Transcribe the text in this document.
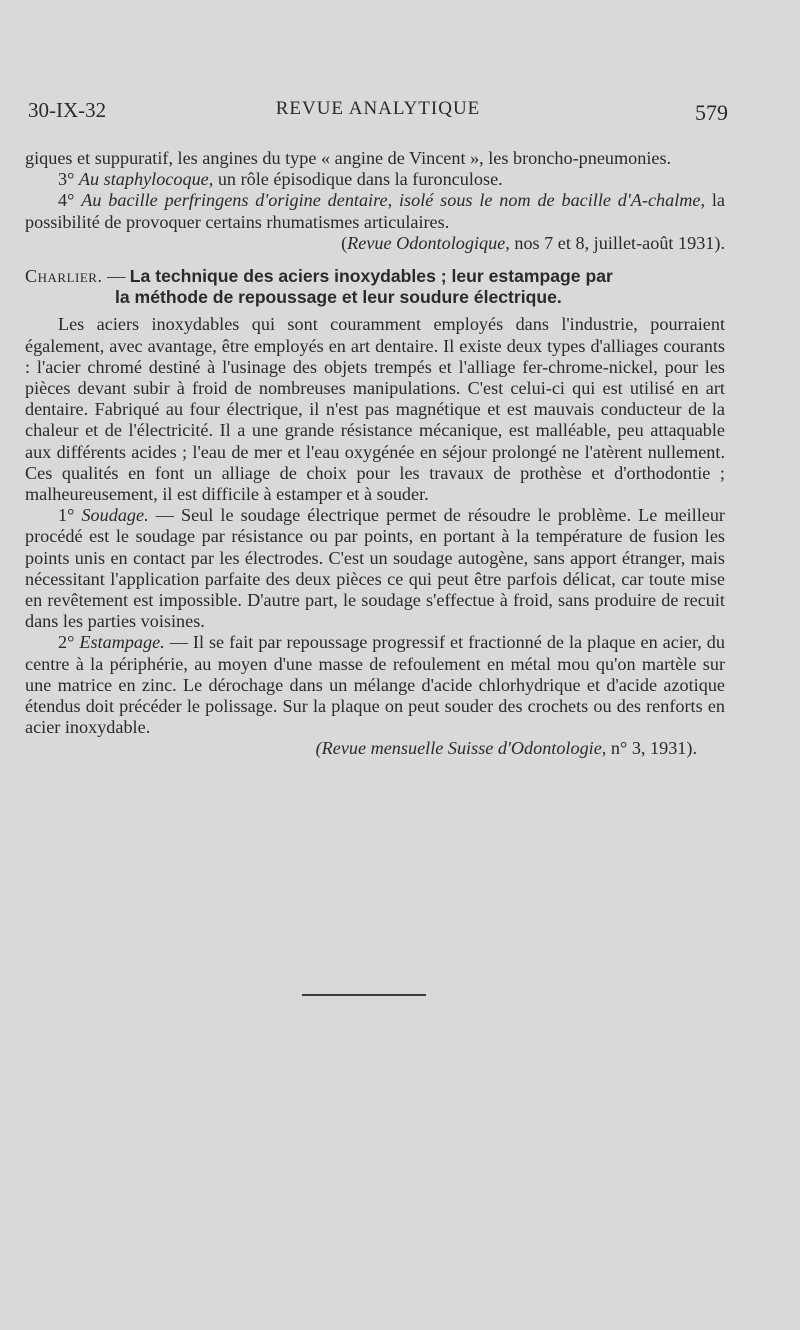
30-IX-32	REVUE ANALYTIQUE	579

giques et suppuratif, les angines du type « angine de Vincent », les broncho-pneumonies.

3° Au staphylocoque, un rôle épisodique dans la furonculose.

4° Au bacille perfringens d'origine dentaire, isolé sous le nom de bacille d'A-chalme, la possibilité de provoquer certains rhumatismes articulaires.

(Revue Odontologique, nos 7 et 8, juillet-août 1931).

Charlier. — La technique des aciers inoxydables ; leur estampage par
la méthode de repoussage et leur soudure électrique.

Les aciers inoxydables qui sont couramment employés dans l'industrie, pourraient également, avec avantage, être employés en art dentaire. Il existe deux types d'alliages courants : l'acier chromé destiné à l'usinage des objets trempés et l'alliage fer-chrome-nickel, pour les pièces devant subir à froid de nombreuses manipulations. C'est celui-ci qui est utilisé en art dentaire. Fabriqué au four électrique, il n'est pas magnétique et est mauvais conducteur de la chaleur et de l'électricité. Il a une grande résistance mécanique, est malléable, peu attaquable aux différents acides ; l'eau de mer et l'eau oxygénée en séjour prolongé ne l'atèrent nullement. Ces qualités en font un alliage de choix pour les travaux de prothèse et d'orthodontie ; malheureusement, il est difficile à estamper et à souder.

1° Soudage. — Seul le soudage électrique permet de résoudre le problème. Le meilleur procédé est le soudage par résistance ou par points, en portant à la température de fusion les points unis en contact par les électrodes. C'est un soudage autogène, sans apport étranger, mais nécessitant l'application parfaite des deux pièces ce qui peut être parfois délicat, car toute mise en revêtement est impossible. D'autre part, le soudage s'effectue à froid, sans produire de recuit dans les parties voisines.

2° Estampage. — Il se fait par repoussage progressif et fractionné de la plaque en acier, du centre à la périphérie, au moyen d'une masse de refoulement en métal mou qu'on martèle sur une matrice en zinc. Le dérochage dans un mélange d'acide chlorhydrique et d'acide azotique étendus doit précéder le polissage. Sur la plaque on peut souder des crochets ou des renforts en acier inoxydable.

(Revue mensuelle Suisse d'Odontologie, n° 3, 1931).
